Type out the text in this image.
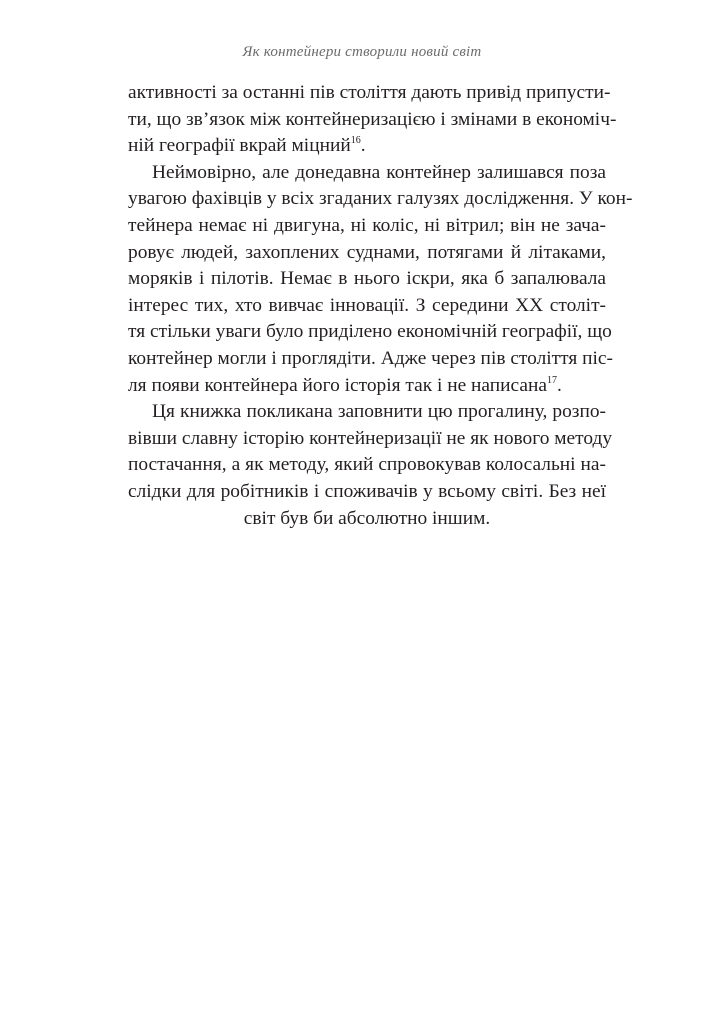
Як контейнери створили новий світ
активності за останні пів століття дають привід припусти-
ти, що зв’язок між контейнеризацією і змінами в економіч-
ній географії вкрай міцний$^{16}$.
Неймовірно, але донедавна контейнер залишався поза
увагою фахівців у всіх згаданих галузях дослідження. У кон-
тейнера немає ні двигуна, ні коліс, ні вітрил; він не зача-
ровує людей, захоплених суднами, потягами й літаками,
моряків і пілотів. Немає в нього іскри, яка б запалювала
інтерес тих, хто вивчає інновації. З середини XX століт-
тя стільки уваги було приділено економічній географії, що
контейнер могли і проглядіти. Адже через пів століття піс-
ля появи контейнера його історія так і не написана$^{17}$.
Ця книжка покликана заповнити цю прогалину, розпо-
вівши славну історію контейнеризації не як нового методу
постачання, а як методу, який спровокував колосальні на-
слідки для робітників і споживачів у всьому світі. Без неї
світ був би абсолютно іншим.
